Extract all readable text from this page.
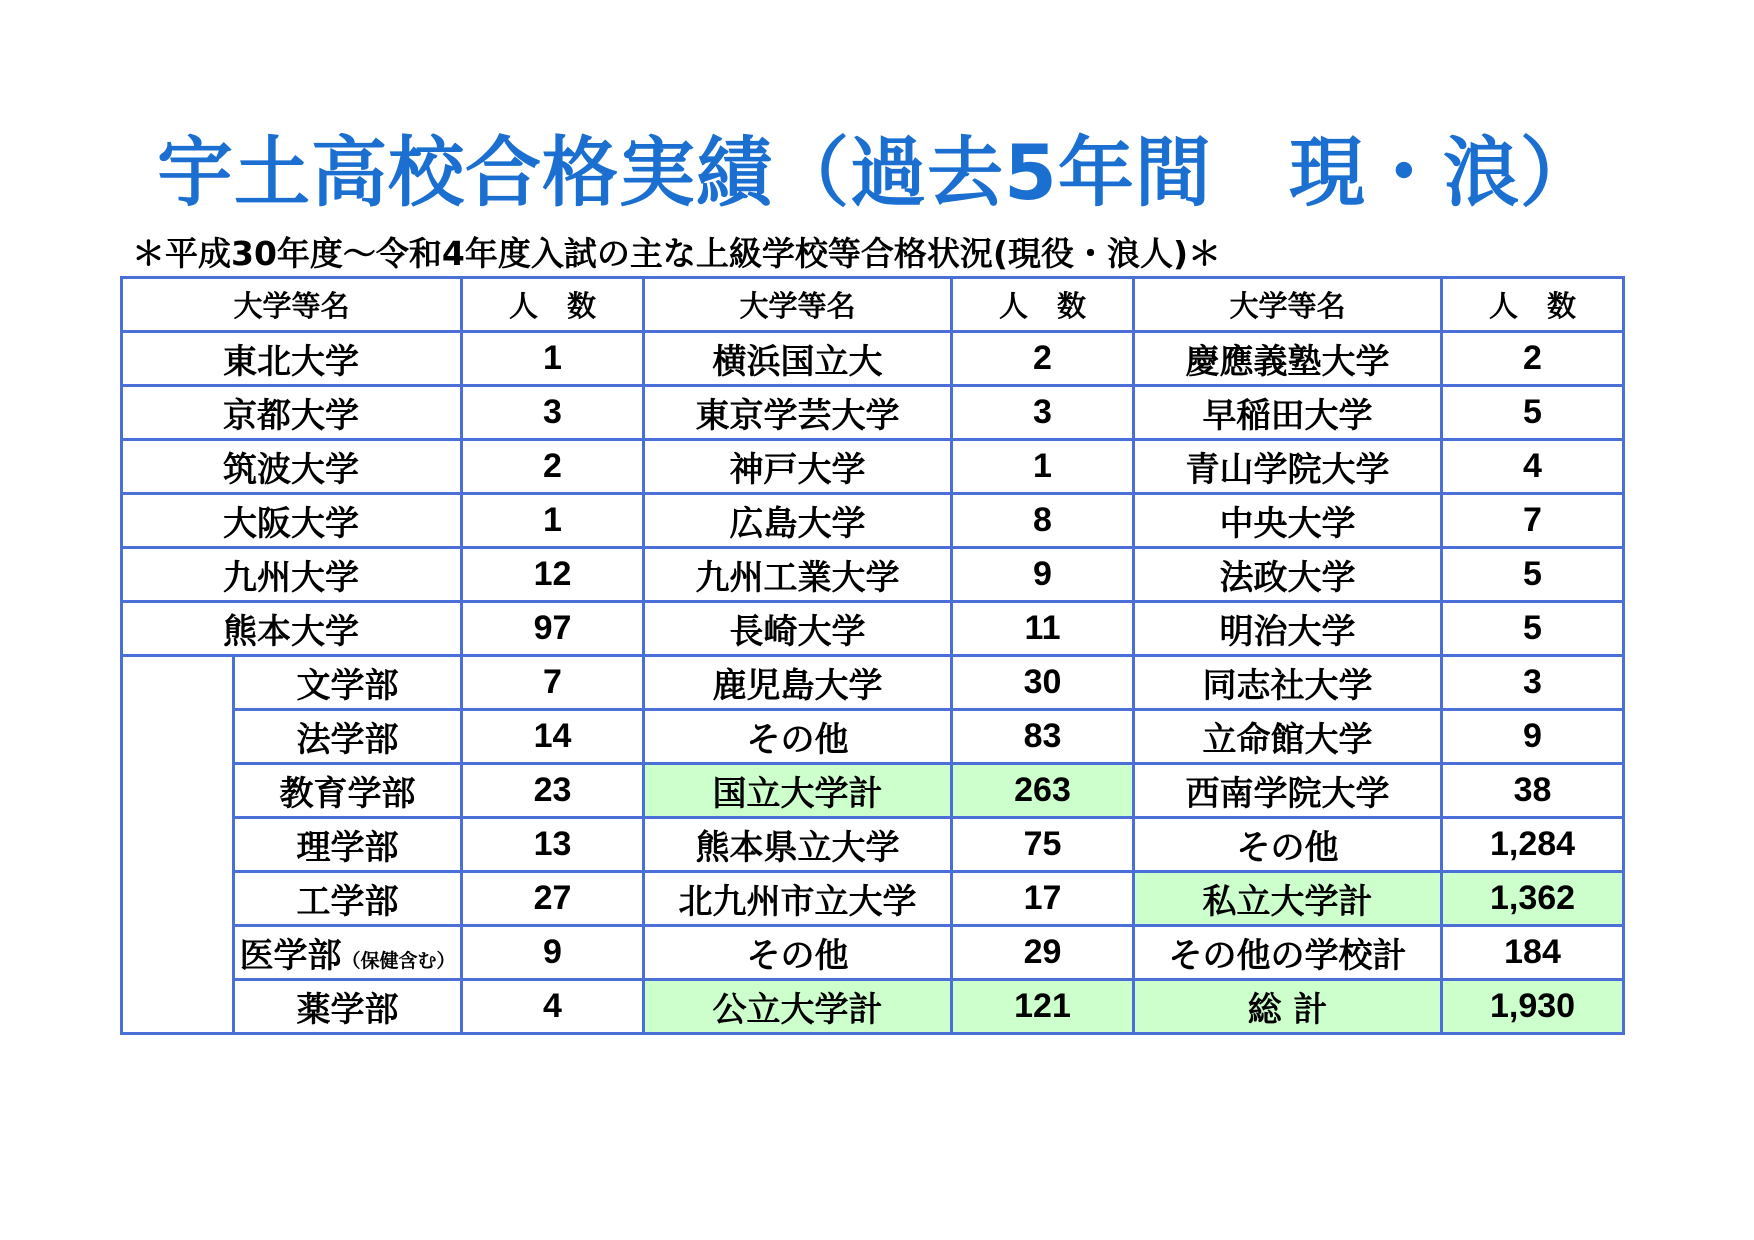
宇土高校合格実績（過去5年間　現・浪）
＊平成30年度～令和4年度入試の主な上級学校等合格状況(現役・浪人)＊
大学等名		人　数	大学等名	人　数	大学等名	人　数
東北大学		1	横浜国立大	2	慶應義塾大学	2
京都大学		3	東京学芸大学	3	早稲田大学	5
筑波大学		2	神戸大学	1	青山学院大学	4
大阪大学		1	広島大学	8	中央大学	7
九州大学		12	九州工業大学	9	法政大学	5
熊本大学		97	長崎大学	11	明治大学	5
	文学部	7	鹿児島大学	30	同志社大学	3
	法学部	14	その他	83	立命館大学	9
	教育学部	23	国立大学計	263	西南学院大学	38
	理学部	13	熊本県立大学	75	その他	1,284
	工学部	27	北九州市立大学	17	私立大学計	1,362
	医学部（保健含む）	9	その他	29	その他の学校計	184
	薬学部	4	公立大学計	121	総 計	1,930
